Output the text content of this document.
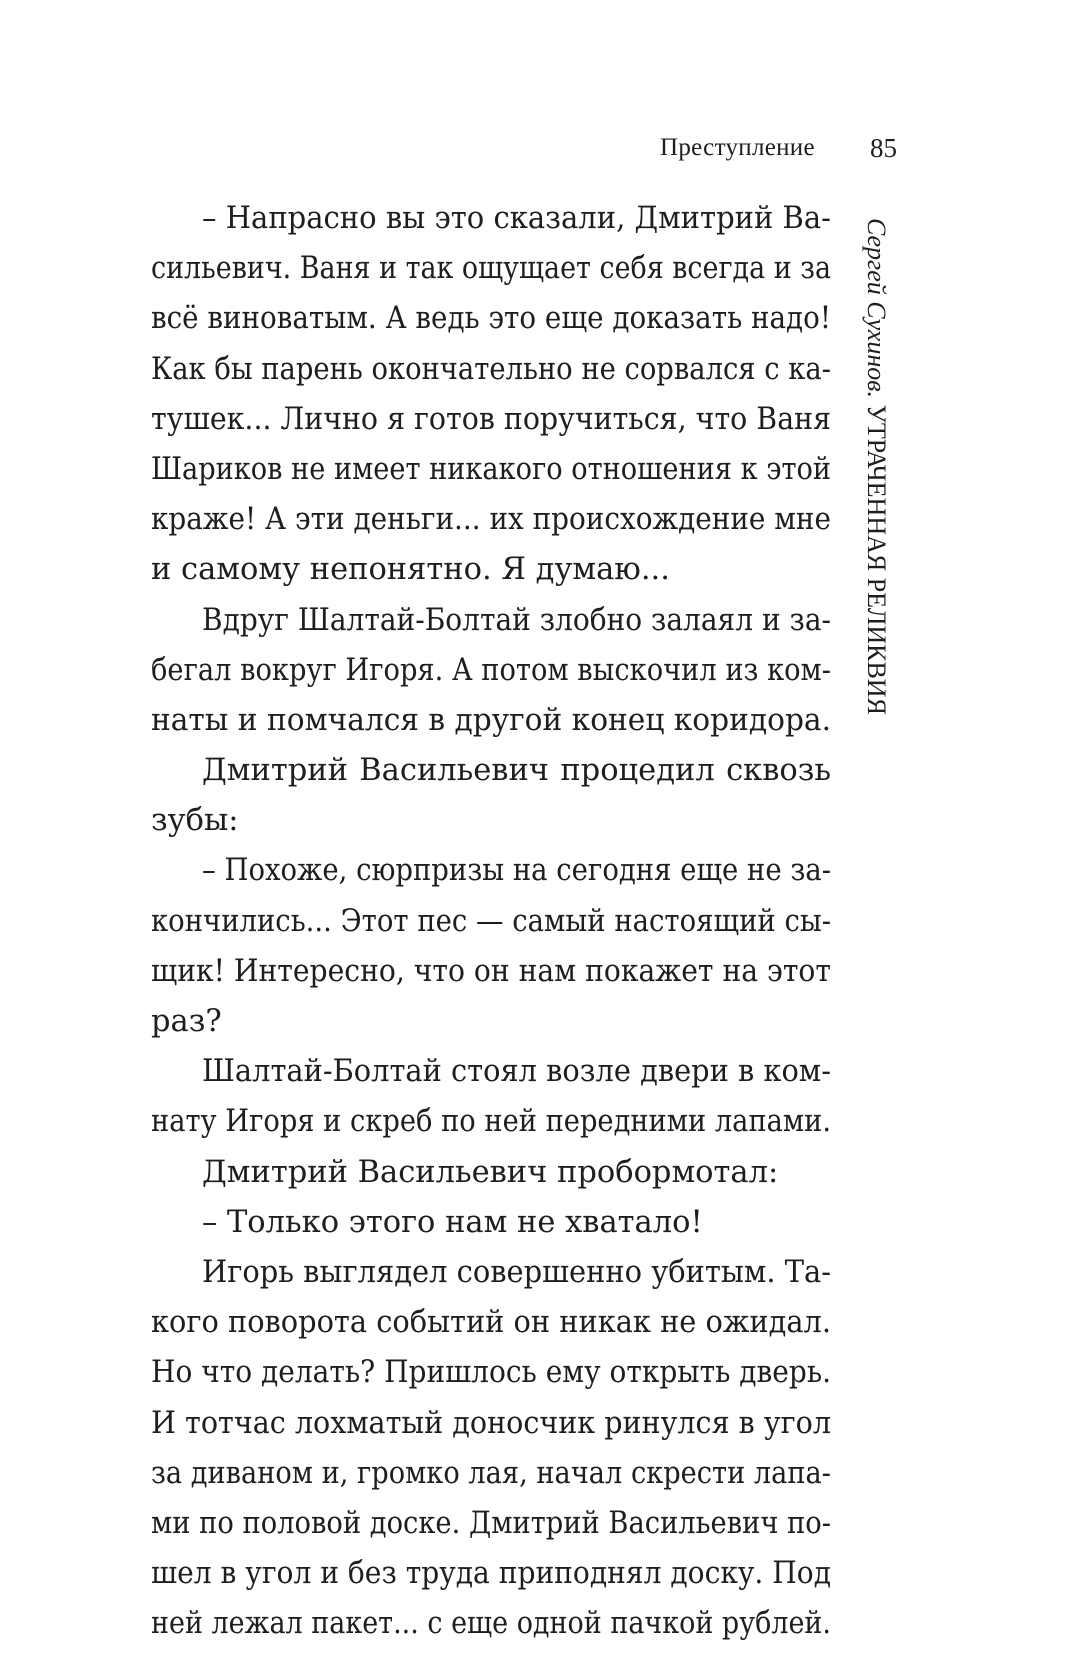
Преступление	85
Сергей Сухинов. УТРАЧЕННАЯ РЕЛИКВИЯ
– Напрасно вы это сказали, Дмитрий Ва-
сильевич. Ваня и так ощущает себя всегда и за
всё виноватым. А ведь это еще доказать надо!
Как бы парень окончательно не сорвался с ка-
тушек... Лично я готов поручиться, что Ваня
Шариков не имеет никакого отношения к этой
краже! А эти деньги... их происхождение мне
и самому непонятно. Я думаю...
Вдруг Шалтай-Болтай злобно залаял и за-
бегал вокруг Игоря. А потом выскочил из ком-
наты и помчался в другой конец коридора.
Дмитрий Васильевич процедил сквозь
зубы:
– Похоже, сюрпризы на сегодня еще не за-
кончились... Этот пес — самый настоящий сы-
щик! Интересно, что он нам покажет на этот
раз?
Шалтай-Болтай стоял возле двери в ком-
нату Игоря и скреб по ней передними лапами.
Дмитрий Васильевич пробормотал:
– Только этого нам не хватало!
Игорь выглядел совершенно убитым. Та-
кого поворота событий он никак не ожидал.
Но что делать? Пришлось ему открыть дверь.
И тотчас лохматый доносчик ринулся в угол
за диваном и, громко лая, начал скрести лапа-
ми по половой доске. Дмитрий Васильевич по-
шел в угол и без труда приподнял доску. Под
ней лежал пакет... с еще одной пачкой рублей.
